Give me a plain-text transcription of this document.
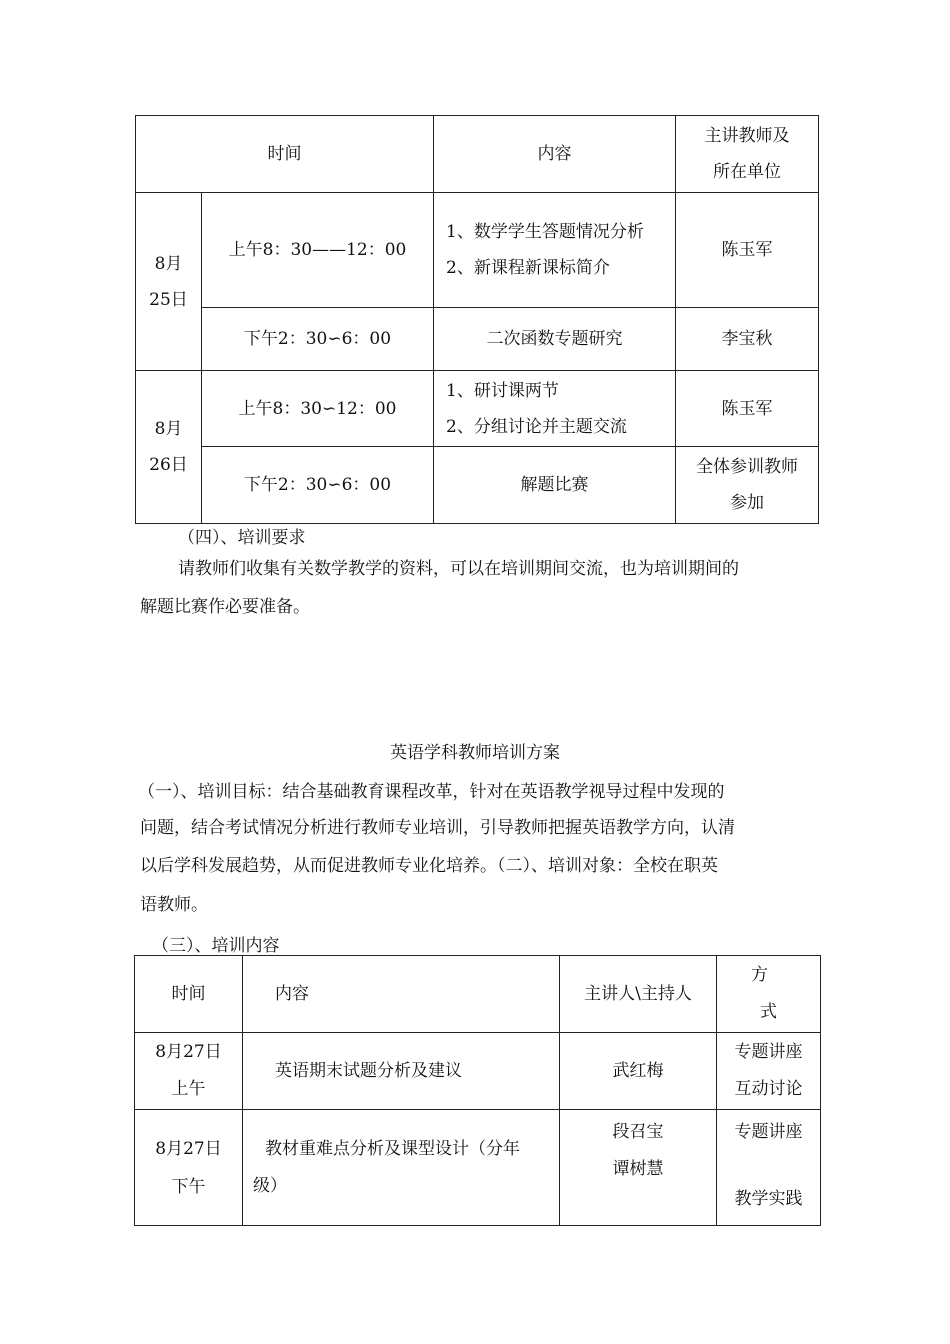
时间		内容	主讲教师及
所在单位

8月
25日	上午8：30——12：00	1、数学学生答题情况分析
2、新课程新课标简介	陈玉军
	下午2：30∽6：00	二次函数专题研究	李宝秋

8月
26日	上午8：30∽12：00	1、研讨课两节
2、分组讨论并主题交流	陈玉军
	下午2：30∽6：00	解题比赛	全体参训教师
参加
（四）、培训要求
请教师们收集有关数学教学的资料，可以在培训期间交流，也为培训期间的
解题比赛作必要准备。
英语学科教师培训方案
（一）、培训目标：结合基础教育课程改革，针对在英语教学视导过程中发现的
问题，结合考试情况分析进行教师专业培训，引导教师把握英语教学方向，认清
以后学科发展趋势，从而促进教师专业化培养。（二）、培训对象：全校在职英
语教师。
（三）、培训内容
时间	内容	主讲人\主持人	方
式

8月27日
上午	英语期末试题分析及建议	武红梅	专题讲座
互动讨论

8月27日
下午	教材重难点分析及课型设计（分年
级）	段召宝
谭树慧	专题讲座
教学实践
